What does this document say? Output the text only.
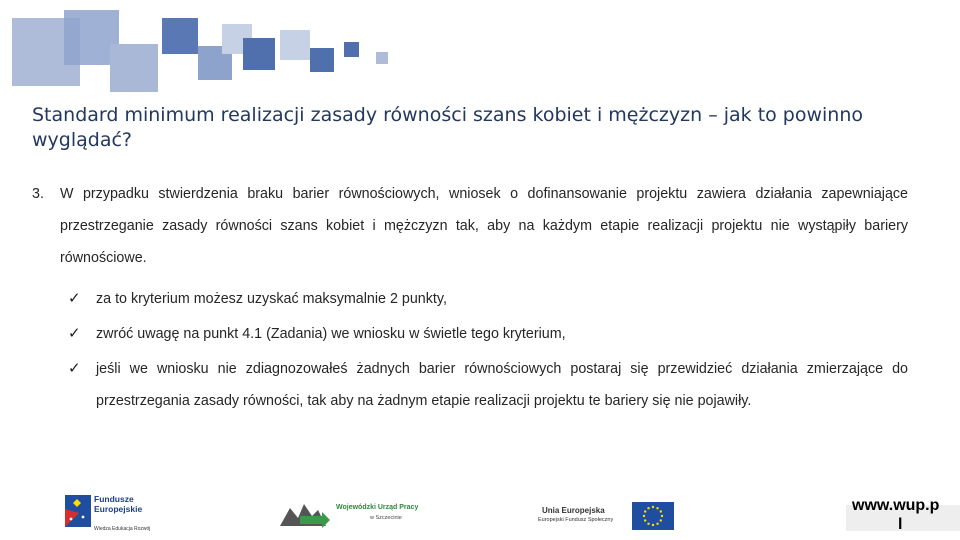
Standard minimum realizacji zasady równości szans kobiet i mężczyzn – jak to powinno wyglądać?
3. W przypadku stwierdzenia braku barier równościowych, wniosek o dofinansowanie projektu zawiera działania zapewniające przestrzeganie zasady równości szans kobiet i mężczyzn tak, aby na każdym etapie realizacji projektu nie wystąpiły bariery równościowe.
✓ za to kryterium możesz uzyskać maksymalnie 2 punkty,
✓ zwróć uwagę na punkt 4.1 (Zadania) we wniosku w świetle tego kryterium,
✓ jeśli we wniosku nie zdiagnozowałeś żadnych barier równościowych postaraj się przewidzieć działania zmierzające do przestrzegania zasady równości, tak aby na żadnym etapie realizacji projektu te bariery się nie pojawiły.
Fundusze
Europejskie
Wiedza Edukacja Rozwój
Wojewódzki Urząd Pracy
w Szczecinie
Unia Europejska
Europejski Fundusz Społeczny
www.wup.p
l
